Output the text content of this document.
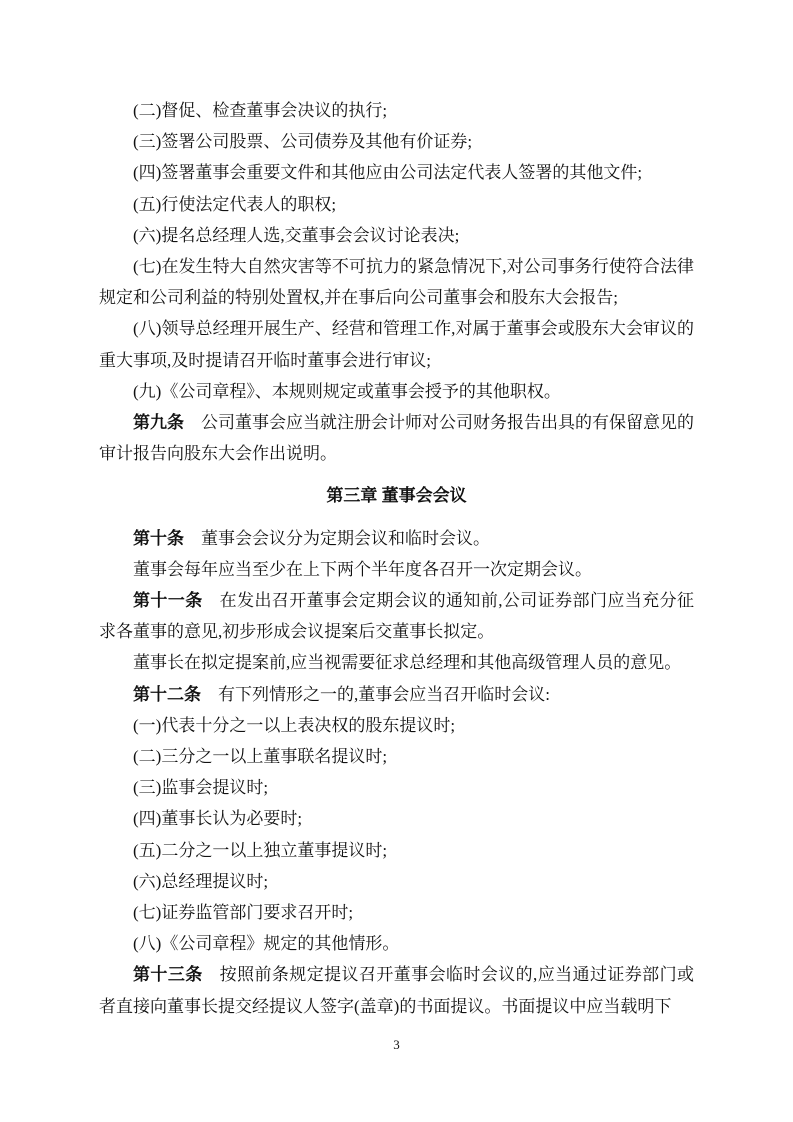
(二)督促、检查董事会决议的执行;
(三)签署公司股票、公司债券及其他有价证券;
(四)签署董事会重要文件和其他应由公司法定代表人签署的其他文件;
(五)行使法定代表人的职权;
(六)提名总经理人选,交董事会会议讨论表决;
(七)在发生特大自然灾害等不可抗力的紧急情况下,对公司事务行使符合法律规定和公司利益的特别处置权,并在事后向公司董事会和股东大会报告;
(八)领导总经理开展生产、经营和管理工作,对属于董事会或股东大会审议的重大事项,及时提请召开临时董事会进行审议;
(九)《公司章程》、本规则规定或董事会授予的其他职权。
第九条 公司董事会应当就注册会计师对公司财务报告出具的有保留意见的审计报告向股东大会作出说明。
第三章 董事会会议
第十条 董事会会议分为定期会议和临时会议。
董事会每年应当至少在上下两个半年度各召开一次定期会议。
第十一条 在发出召开董事会定期会议的通知前,公司证券部门应当充分征求各董事的意见,初步形成会议提案后交董事长拟定。
董事长在拟定提案前,应当视需要征求总经理和其他高级管理人员的意见。
第十二条 有下列情形之一的,董事会应当召开临时会议:
(一)代表十分之一以上表决权的股东提议时;
(二)三分之一以上董事联名提议时;
(三)监事会提议时;
(四)董事长认为必要时;
(五)二分之一以上独立董事提议时;
(六)总经理提议时;
(七)证券监管部门要求召开时;
(八)《公司章程》规定的其他情形。
第十三条 按照前条规定提议召开董事会临时会议的,应当通过证券部门或者直接向董事长提交经提议人签字(盖章)的书面提议。书面提议中应当载明下
3
